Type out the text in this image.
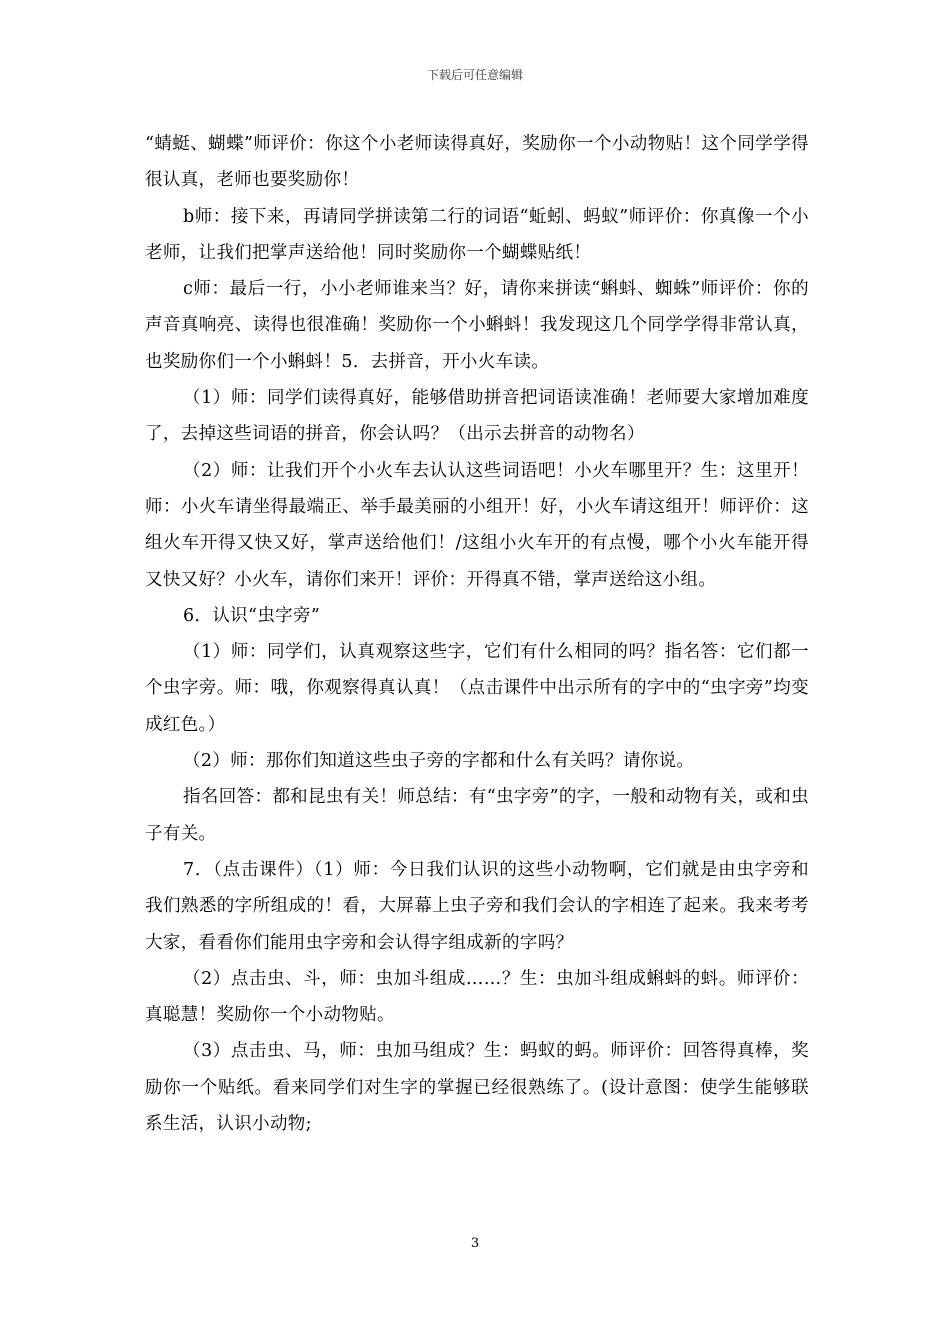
下载后可任意编辑

“蜻蜓、蝴蝶”师评价：你这个小老师读得真好，奖励你一个小动物贴！这个同学学得很认真，老师也要奖励你！

b师：接下来，再请同学拼读第二行的词语“蚯蚓、蚂蚁”师评价：你真像一个小老师，让我们把掌声送给他！同时奖励你一个蝴蝶贴纸！

c师：最后一行，小小老师谁来当？好，请你来拼读“蝌蚪、蜘蛛”师评价：你的声音真响亮、读得也很准确！奖励你一个小蝌蚪！我发现这几个同学学得非常认真，也奖励你们一个小蝌蚪！5．去拼音，开小火车读。

（1）师：同学们读得真好，能够借助拼音把词语读准确！老师要大家增加难度了，去掉这些词语的拼音，你会认吗？（出示去拼音的动物名）

（2）师：让我们开个小火车去认认这些词语吧！小火车哪里开？生：这里开！师：小火车请坐得最端正、举手最美丽的小组开！好，小火车请这组开！师评价：这组火车开得又快又好，掌声送给他们！/这组小火车开的有点慢，哪个小火车能开得又快又好？小火车，请你们来开！评价：开得真不错，掌声送给这小组。

6．认识“虫字旁”

（1）师：同学们，认真观察这些字，它们有什么相同的吗？指名答：它们都一个虫字旁。师：哦，你观察得真认真！（点击课件中出示所有的字中的“虫字旁”均变成红色。）

（2）师：那你们知道这些虫子旁的字都和什么有关吗？请你说。

指名回答：都和昆虫有关！师总结：有“虫字旁”的字，一般和动物有关，或和虫子有关。

7．（点击课件）（1）师：今日我们认识的这些小动物啊，它们就是由虫字旁和我们熟悉的字所组成的！看，大屏幕上虫子旁和我们会认的字相连了起来。我来考考大家，看看你们能用虫字旁和会认得字组成新的字吗？

（2）点击虫、斗，师：虫加斗组成……？生：虫加斗组成蝌蚪的蚪。师评价：真聪慧！奖励你一个小动物贴。

（3）点击虫、马，师：虫加马组成？生：蚂蚁的蚂。师评价：回答得真棒，奖励你一个贴纸。看来同学们对生字的掌握已经很熟练了。(设计意图：使学生能够联系生活，认识小动物;

3
